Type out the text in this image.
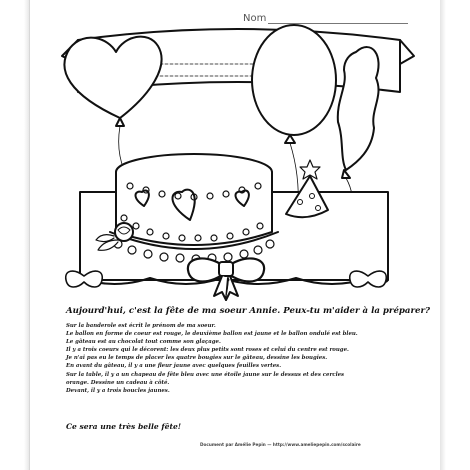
Nom
Aujourd'hui, c'est la fête de ma soeur Annie. Peux-tu m'aider à la préparer?
Sur la banderole est écrit le prénom de ma soeur.
Le ballon en forme de coeur est rouge, le deuxième ballon est jaune et le ballon ondulé est bleu.
Le gâteau est au chocolat tout comme son glaçage.
Il y a trois coeurs qui le décorent: les deux plus petits sont roses et celui du centre est rouge.
Je n'ai pas eu le temps de placer les quatre bougies sur le gâteau, dessine les bougies.
En avant du gâteau, il y a une fleur jaune avec quelques feuilles vertes.
Sur la table, il y a un chapeau de fête bleu avec une étoile jaune sur le dessus et des cercles
orange. Dessine un cadeau à côté.
Devant, il y a trois boucles jaunes.
Ce sera une très belle fête!
Document par Amélie Pepin — http://www.ameliepepin.com/scolaire
